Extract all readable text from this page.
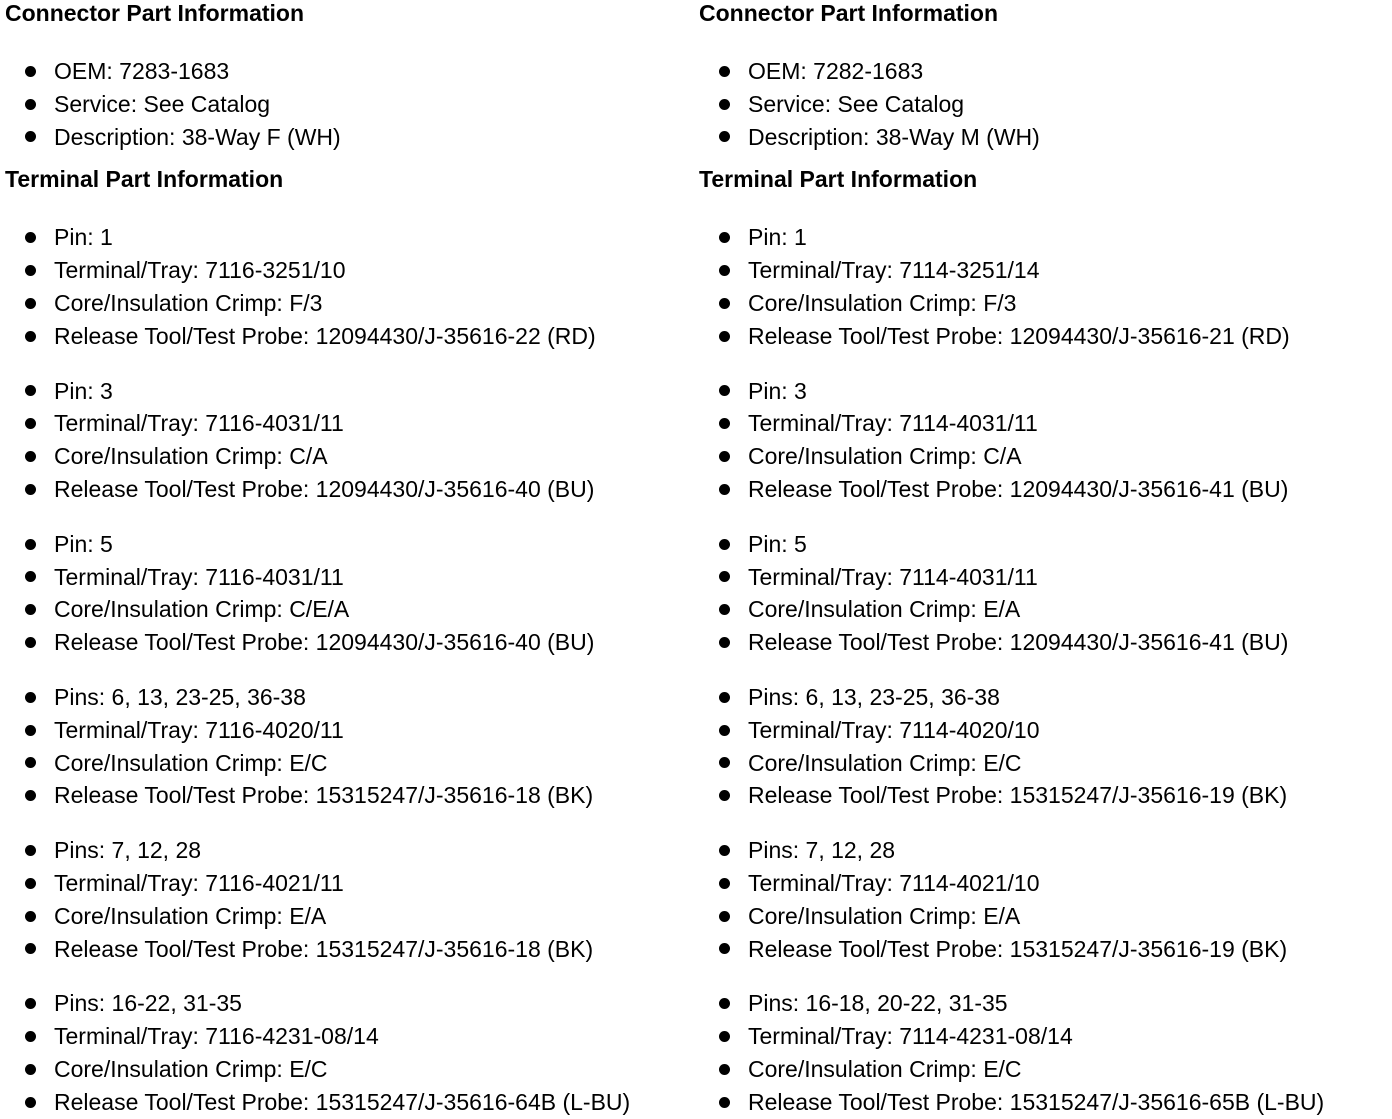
Connector Part Information
OEM: 7283-1683
Service: See Catalog
Description: 38-Way F (WH)
Terminal Part Information
Pin: 1
Terminal/Tray: 7116-3251/10
Core/Insulation Crimp: F/3
Release Tool/Test Probe: 12094430/J-35616-22 (RD)
Pin: 3
Terminal/Tray: 7116-4031/11
Core/Insulation Crimp: C/A
Release Tool/Test Probe: 12094430/J-35616-40 (BU)
Pin: 5
Terminal/Tray: 7116-4031/11
Core/Insulation Crimp: C/E/A
Release Tool/Test Probe: 12094430/J-35616-40 (BU)
Pins: 6, 13, 23-25, 36-38
Terminal/Tray: 7116-4020/11
Core/Insulation Crimp: E/C
Release Tool/Test Probe: 15315247/J-35616-18 (BK)
Pins: 7, 12, 28
Terminal/Tray: 7116-4021/11
Core/Insulation Crimp: E/A
Release Tool/Test Probe: 15315247/J-35616-18 (BK)
Pins: 16-22, 31-35
Terminal/Tray: 7116-4231-08/14
Core/Insulation Crimp: E/C
Release Tool/Test Probe: 15315247/J-35616-64B (L-BU)
Connector Part Information
OEM: 7282-1683
Service: See Catalog
Description: 38-Way M (WH)
Terminal Part Information
Pin: 1
Terminal/Tray: 7114-3251/14
Core/Insulation Crimp: F/3
Release Tool/Test Probe: 12094430/J-35616-21 (RD)
Pin: 3
Terminal/Tray: 7114-4031/11
Core/Insulation Crimp: C/A
Release Tool/Test Probe: 12094430/J-35616-41 (BU)
Pin: 5
Terminal/Tray: 7114-4031/11
Core/Insulation Crimp: E/A
Release Tool/Test Probe: 12094430/J-35616-41 (BU)
Pins: 6, 13, 23-25, 36-38
Terminal/Tray: 7114-4020/10
Core/Insulation Crimp: E/C
Release Tool/Test Probe: 15315247/J-35616-19 (BK)
Pins: 7, 12, 28
Terminal/Tray: 7114-4021/10
Core/Insulation Crimp: E/A
Release Tool/Test Probe: 15315247/J-35616-19 (BK)
Pins: 16-18, 20-22, 31-35
Terminal/Tray: 7114-4231-08/14
Core/Insulation Crimp: E/C
Release Tool/Test Probe: 15315247/J-35616-65B (L-BU)
